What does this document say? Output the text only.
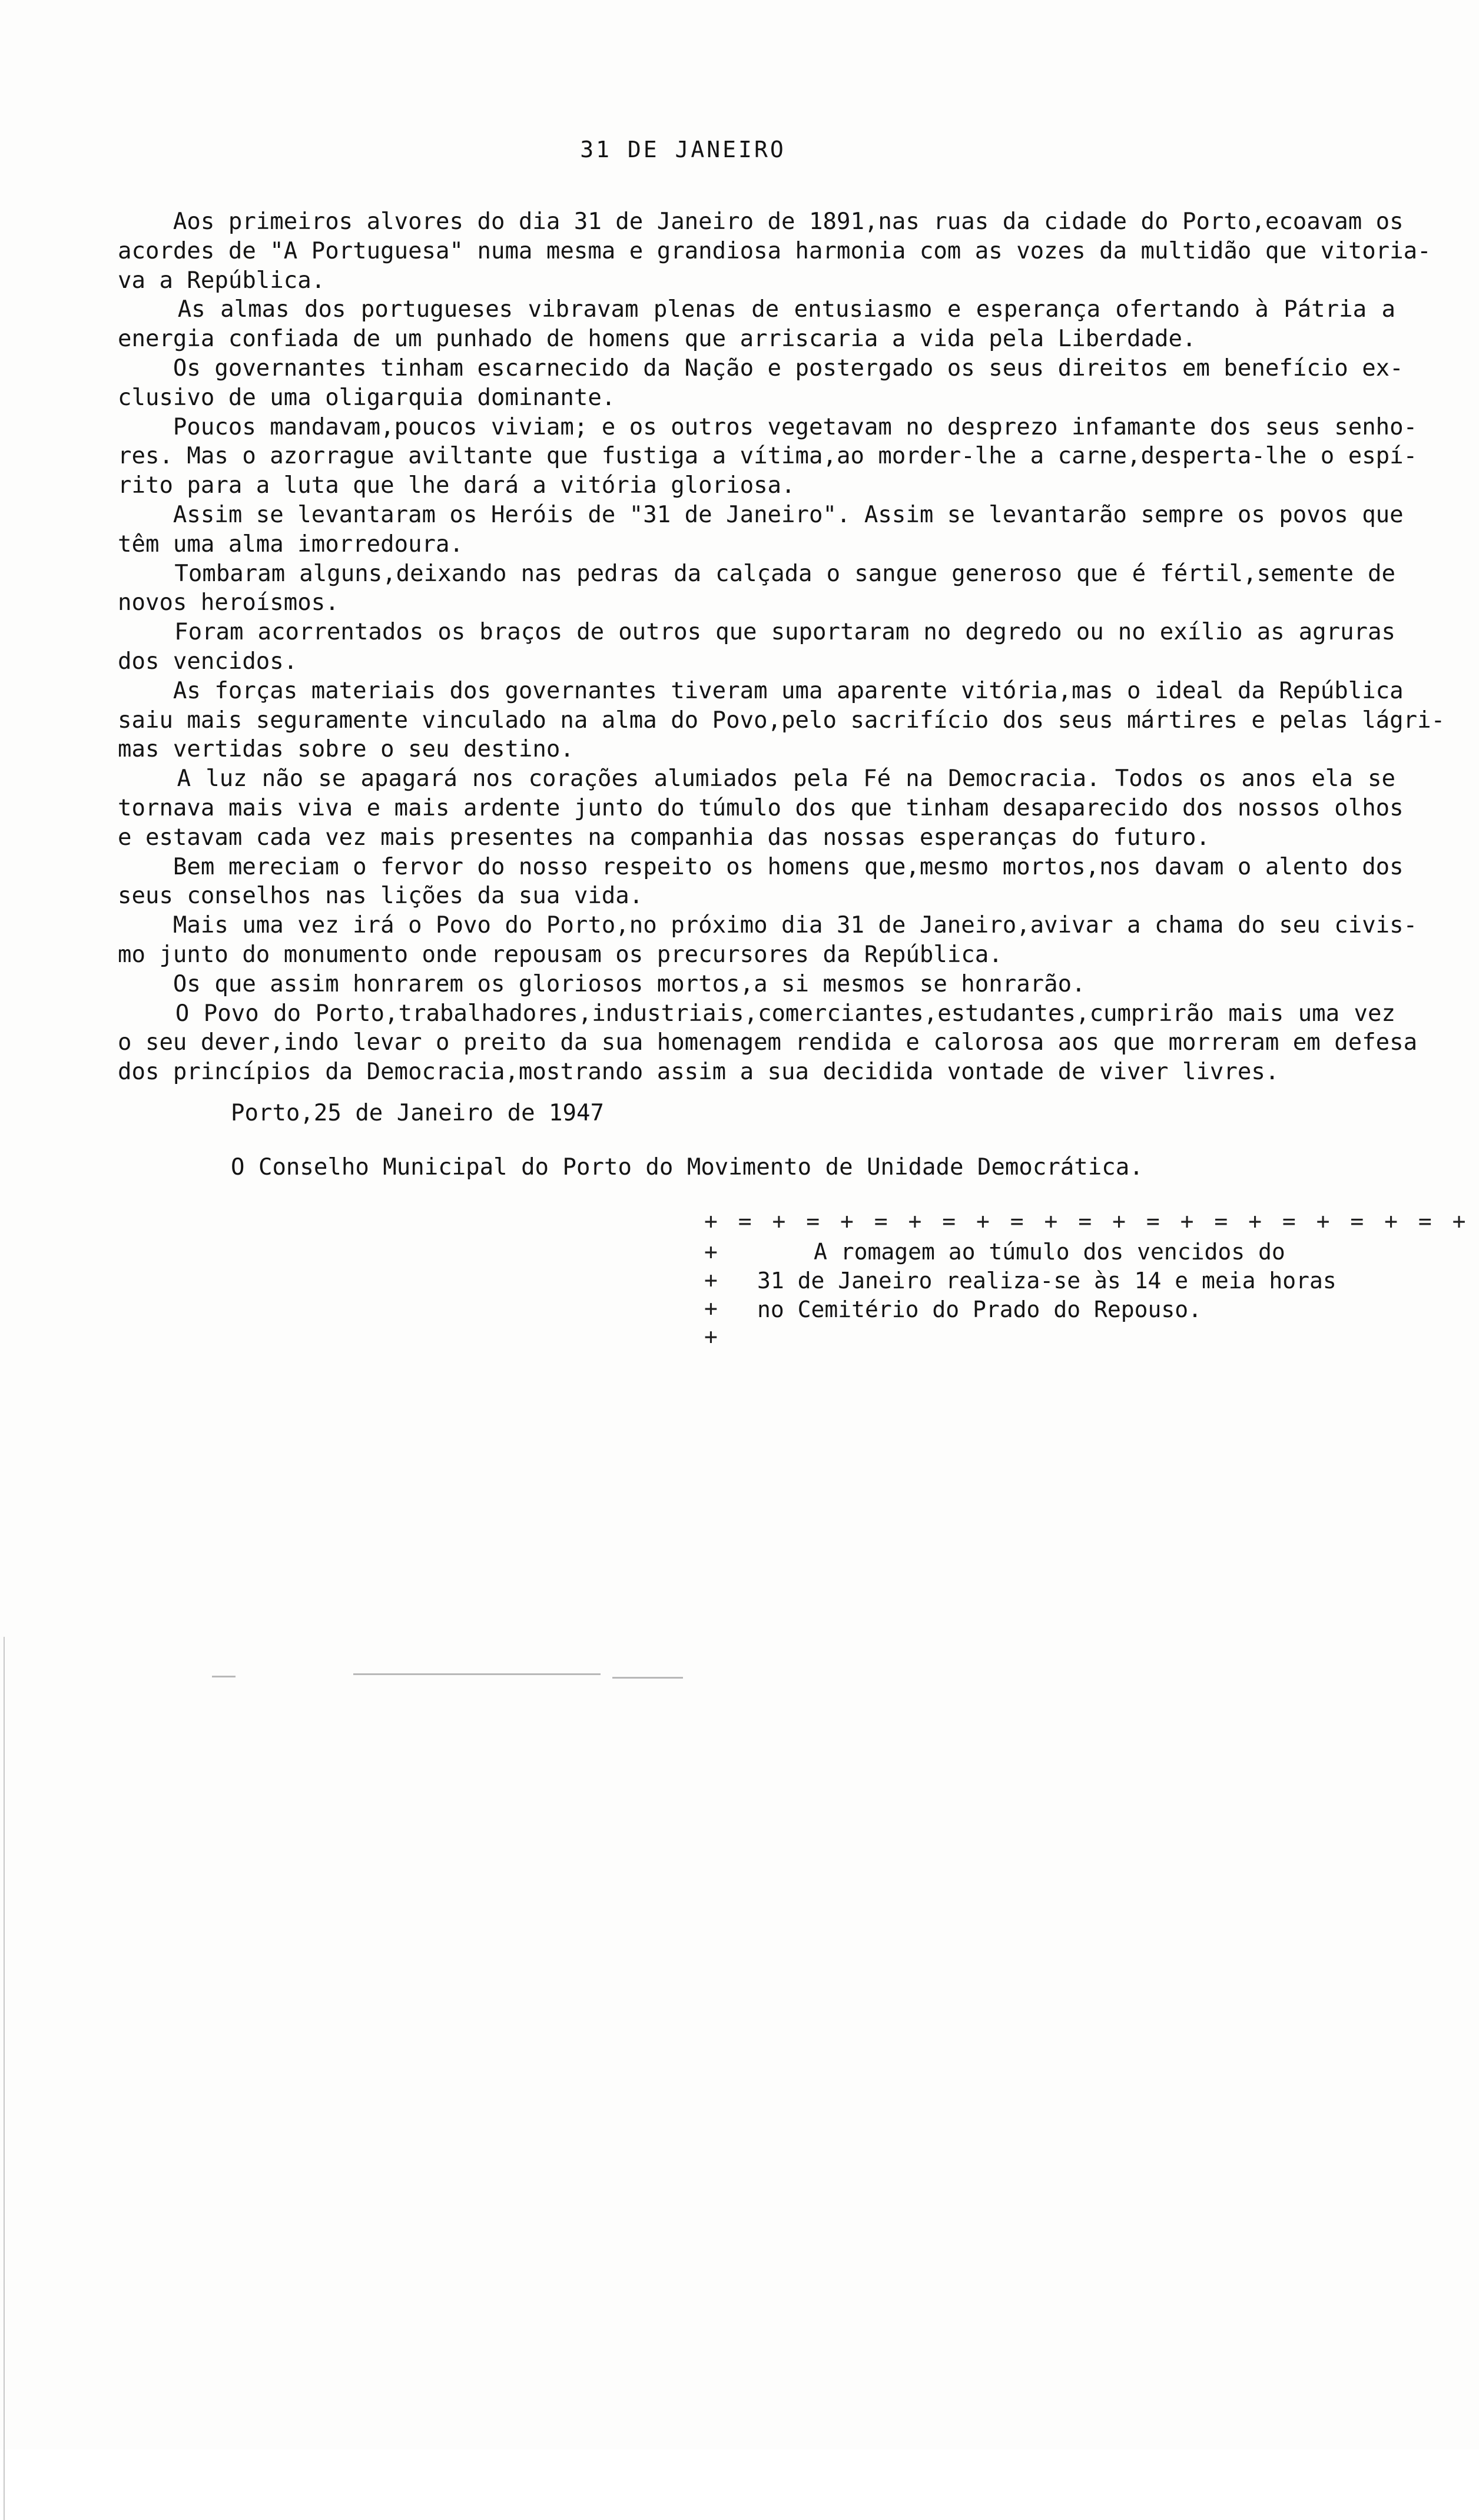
31 DE JANEIRO

Aos primeiros alvores do dia 31 de Janeiro de 1891,nas ruas da cidade do Porto,ecoavam os
acordes de "A Portuguesa" numa mesma e grandiosa harmonia com as vozes da multidão que vitoria-
va a República.

As almas dos portugueses vibravam plenas de entusiasmo e esperança ofertando à Pátria a
energia confiada de um punhado de homens que arriscaria a vida pela Liberdade.

Os governantes tinham escarnecido da Nação e postergado os seus direitos em benefício ex-
clusivo de uma oligarquia dominante.

Poucos mandavam,poucos viviam; e os outros vegetavam no desprezo infamante dos seus senho-
res. Mas o azorrague aviltante que fustiga a vítima,ao morder-lhe a carne,desperta-lhe o espí-
rito para a luta que lhe dará a vitória gloriosa.

Assim se levantaram os Heróis de "31 de Janeiro". Assim se levantarão sempre os povos que
têm uma alma imorredoura.

Tombaram alguns,deixando nas pedras da calçada o sangue generoso que é fértil,semente de
novos heroísmos.

Foram acorrentados os braços de outros que suportaram no degredo ou no exílio as agruras
dos vencidos.

As forças materiais dos governantes tiveram uma aparente vitória,mas o ideal da República
saiu mais seguramente vinculado na alma do Povo,pelo sacrifício dos seus mártires e pelas lágri-
mas vertidas sobre o seu destino.

A luz não se apagará nos corações alumiados pela Fé na Democracia. Todos os anos ela se
tornava mais viva e mais ardente junto do túmulo dos que tinham desaparecido dos nossos olhos
e estavam cada vez mais presentes na companhia das nossas esperanças do futuro.

Bem mereciam o fervor do nosso respeito os homens que,mesmo mortos,nos davam o alento dos
seus conselhos nas lições da sua vida.

Mais uma vez irá o Povo do Porto,no próximo dia 31 de Janeiro,avivar a chama do seu civis-
mo junto do monumento onde repousam os precursores da República.

Os que assim honrarem os gloriosos mortos,a si mesmos se honrarão.

O Povo do Porto,trabalhadores,industriais,comerciantes,estudantes,cumprirão mais uma vez
o seu dever,indo levar o preito da sua homenagem rendida e calorosa aos que morreram em defesa
dos princípios da Democracia,mostrando assim a sua decidida vontade de viver livres.

Porto,25 de Janeiro de 1947

O Conselho Municipal do Porto do Movimento de Unidade Democrática.

+ = + = + = + = + = + = + = + = + = + = + = +

+
+
+
+
A romagem ao túmulo dos vencidos do
31 de Janeiro realiza-se às 14 e meia horas
no Cemitério do Prado do Repouso.
